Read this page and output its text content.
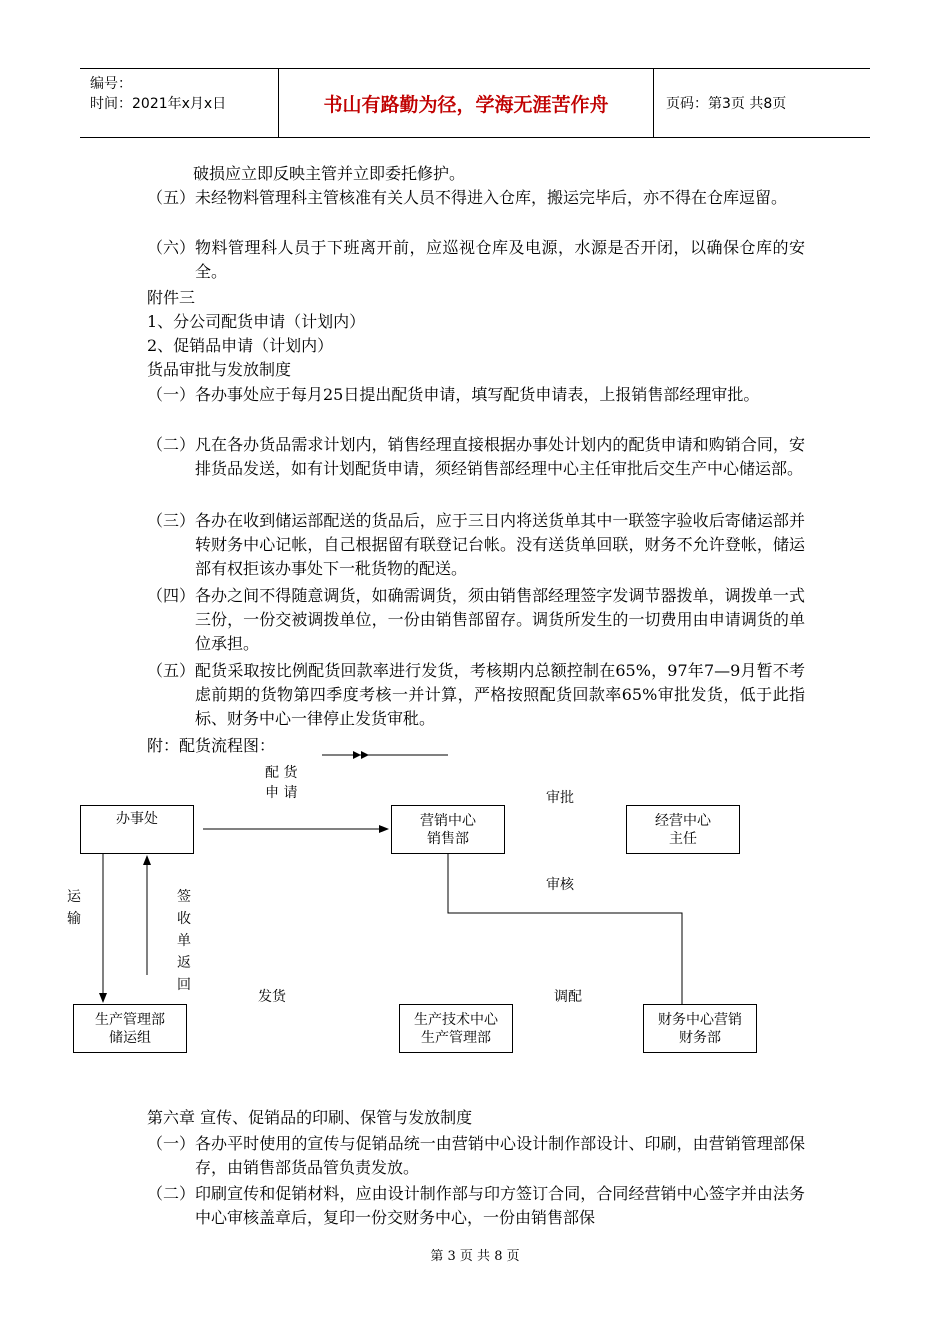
编号：
时间：2021年x月x日	书山有路勤为径，学海无涯苦作舟	页码：第3页 共8页
破损应立即反映主管并立即委托修护。
（五） 未经物料管理科主管核准有关人员不得进入仓库，搬运完毕后，亦不得在仓库逗留。
（六） 物料管理科人员于下班离开前，应巡视仓库及电源，水源是否开闭，以确保仓库的安全。
附件三
1、分公司配货申请（计划内）
2、促销品申请（计划内）
货品审批与发放制度
（一） 各办事处应于每月25日提出配货申请，填写配货申请表，上报销售部经理审批。
（二） 凡在各办货品需求计划内，销售经理直接根据办事处计划内的配货申请和购销合同，安排货品发送，如有计划配货申请，须经销售部经理中心主任审批后交生产中心储运部。
（三） 各办在收到储运部配送的货品后，应于三日内将送货单其中一联签字验收后寄储运部并转财务中心记帐，自己根据留有联登记台帐。没有送货单回联，财务不允许登帐，储运部有权拒该办事处下一秕货物的配送。
（四） 各办之间不得随意调货，如确需调货，须由销售部经理签字发调节器拨单，调拨单一式三份，一份交被调拨单位，一份由销售部留存。调货所发生的一切费用由申请调货的单位承担。
（五） 配货采取按比例配货回款率进行发货，考核期内总额控制在65%，97年7—9月暂不考虑前期的货物第四季度考核一并计算，严格按照配货回款率65%审批发货，低于此指标、财务中心一律停止发货审秕。
附：配货流程图：
办事处	营销中心
销售部
经营中心
主任
生产管理部
储运组
生产技术中心
生产管理部
财务中心营销
财务部
配 货
申 请	审批
审核
运输
签收单返回
发货	调配
第六章 宣传、促销品的印刷、保管与发放制度
（一） 各办平时使用的宣传与促销品统一由营销中心设计制作部设计、印刷，由营销管理部保存，由销售部货品管负责发放。
（二） 印刷宣传和促销材料，应由设计制作部与印方签订合同，合同经营销中心签字并由法务中心审核盖章后，复印一份交财务中心，一份由销售部保
第 3 页 共 8 页
